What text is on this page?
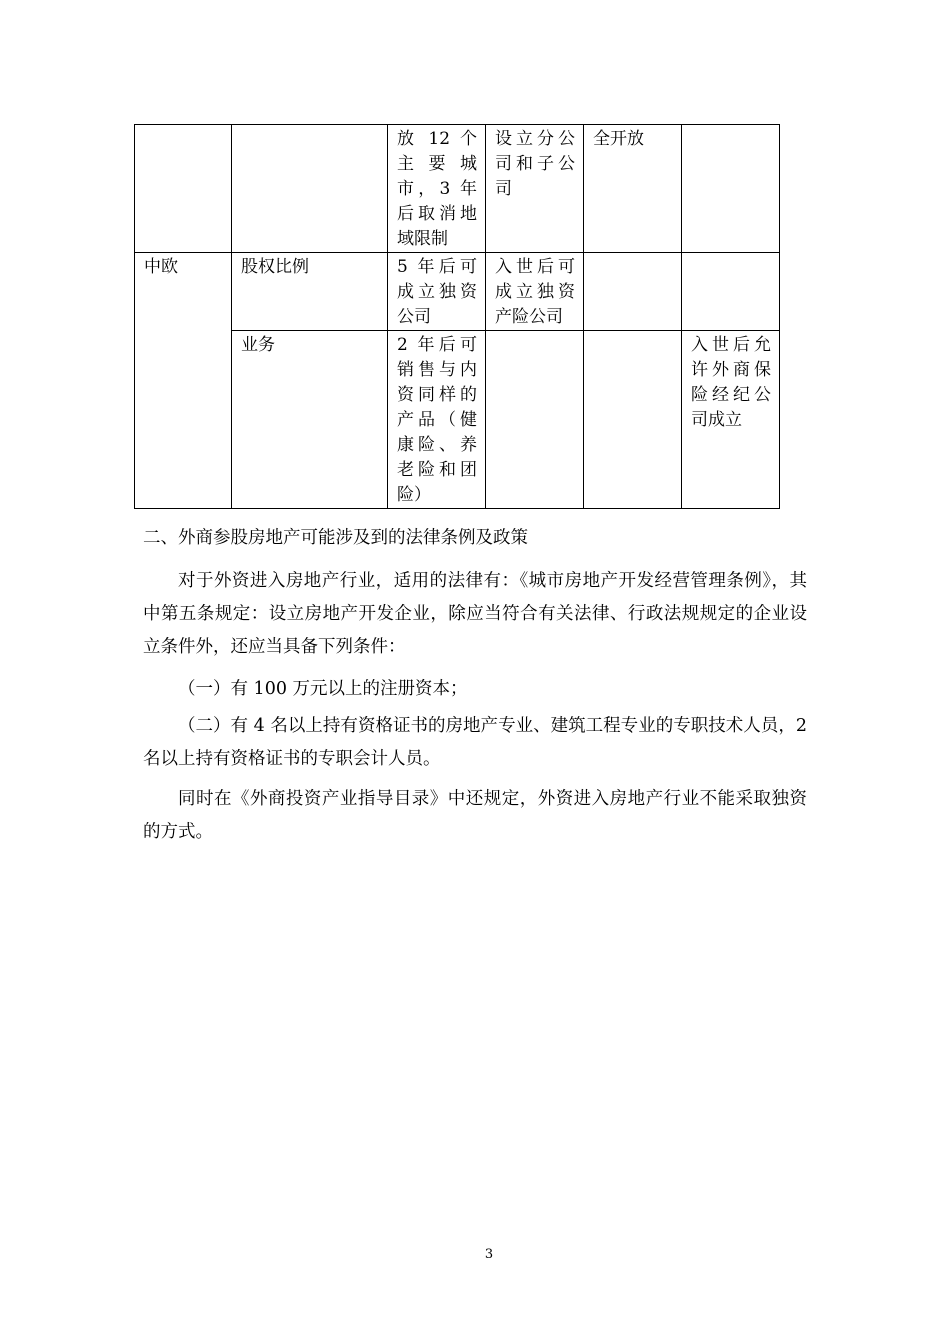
		放 12 个主要城市，3 年后取消地域限制	设立分公司和子公司	全开放	
中欧	股权比例	5 年后可成立独资公司	入世后可成立独资产险公司		
	业务	2 年后可销售与内资同样的产品（健康险、养老险和团险）			入世后允许外商保险经纪公司成立
二、外商参股房地产可能涉及到的法律条例及政策
对于外资进入房地产行业，适用的法律有：《城市房地产开发经营管理条例》，其中第五条规定：设立房地产开发企业，除应当符合有关法律、行政法规规定的企业设立条件外，还应当具备下列条件：
（一）有 100 万元以上的注册资本；
（二）有 4 名以上持有资格证书的房地产专业、建筑工程专业的专职技术人员，2 名以上持有资格证书的专职会计人员。
同时在《外商投资产业指导目录》中还规定，外资进入房地产行业不能采取独资的方式。
3
